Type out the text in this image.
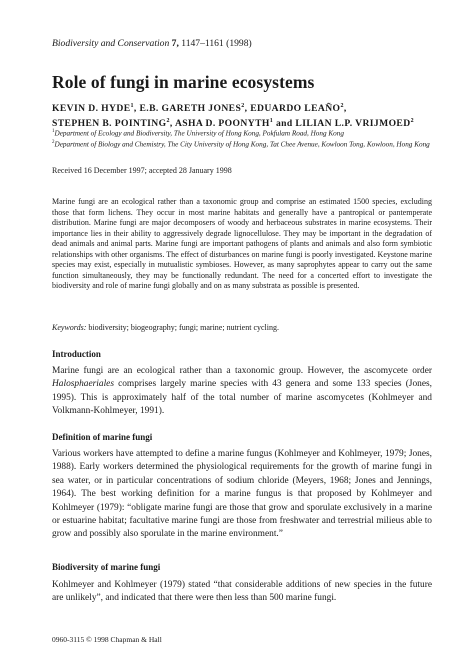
Biodiversity and Conservation 7, 1147–1161 (1998)
Role of fungi in marine ecosystems
KEVIN D. HYDE$^1$, E.B. GARETH JONES$^2$, EDUARDO LEAÑO$^2$,
STEPHEN B. POINTING$^2$, ASHA D. POONYTH$^1$ and LILIAN L.P. VRIJMOED$^2$
$^1$Department of Ecology and Biodiversity, The University of Hong Kong, Pokfulam Road, Hong Kong
$^2$Department of Biology and Chemistry, The City University of Hong Kong, Tat Chee Avenue, Kowloon Tong, Kowloon, Hong Kong
Received 16 December 1997; accepted 28 January 1998

Marine fungi are an ecological rather than a taxonomic group and comprise an estimated 1500 species, excluding those that form lichens. They occur in most marine habitats and generally have a pantropical or pantemperate distribution. Marine fungi are major decomposers of woody and herbaceous substrates in marine ecosystems. Their importance lies in their ability to aggressively degrade lignocellulose. They may be important in the degradation of dead animals and animal parts. Marine fungi are important pathogens of plants and animals and also form symbiotic relationships with other organisms. The effect of disturbances on marine fungi is poorly investigated. Keystone marine species may exist, especially in mutualistic symbioses. However, as many saprophytes appear to carry out the same function simultaneously, they may be functionally redundant. The need for a concerted effort to investigate the biodiversity and role of marine fungi globally and on as many substrata as possible is presented.

Keywords: biodiversity; biogeography; fungi; marine; nutrient cycling.
Introduction

Marine fungi are an ecological rather than a taxonomic group. However, the ascomycete order Halosphaeriales comprises largely marine species with 43 genera and some 133 species (Jones, 1995). This is approximately half of the total number of marine ascomycetes (Kohlmeyer and Volkmann-Kohlmeyer, 1991).

Definition of marine fungi

Various workers have attempted to define a marine fungus (Kohlmeyer and Kohlmeyer, 1979; Jones, 1988). Early workers determined the physiological requirements for the growth of marine fungi in sea water, or in particular concentrations of sodium chloride (Meyers, 1968; Jones and Jennings, 1964). The best working definition for a marine fungus is that proposed by Kohlmeyer and Kohlmeyer (1979): “obligate marine fungi are those that grow and sporulate exclusively in a marine or estuarine habitat; facultative marine fungi are those from freshwater and terrestrial milieus able to grow and possibly also sporulate in the marine environment.”

Biodiversity of marine fungi

Kohlmeyer and Kohlmeyer (1979) stated “that considerable additions of new species in the future are unlikely”, and indicated that there were then less than 500 marine fungi.

0960-3115 © 1998 Chapman & Hall
